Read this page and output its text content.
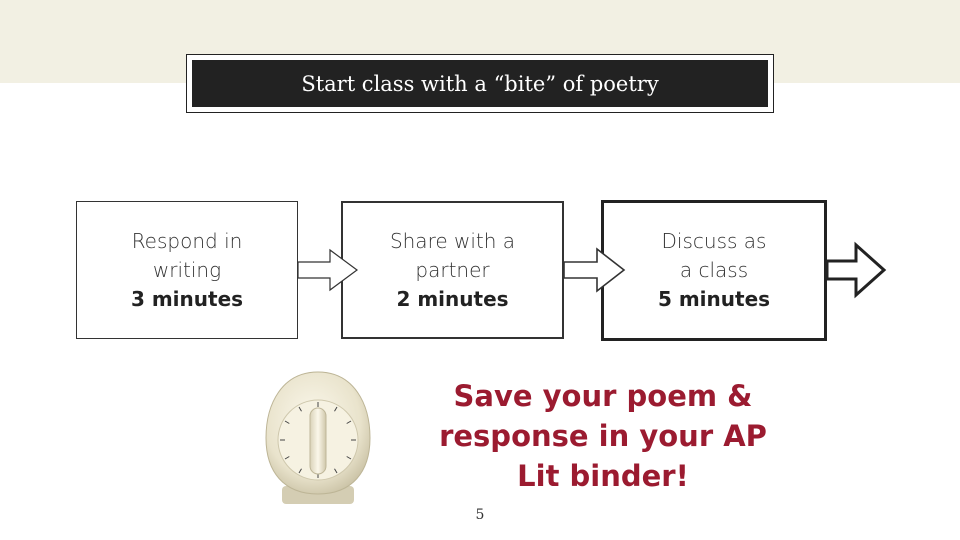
Start class with a “bite” of poetry
Respond in
writing
3 minutes
Share with a
partner
2 minutes
Discuss as
a class
5 minutes
Save your poem &
response in your AP
Lit binder!
5
